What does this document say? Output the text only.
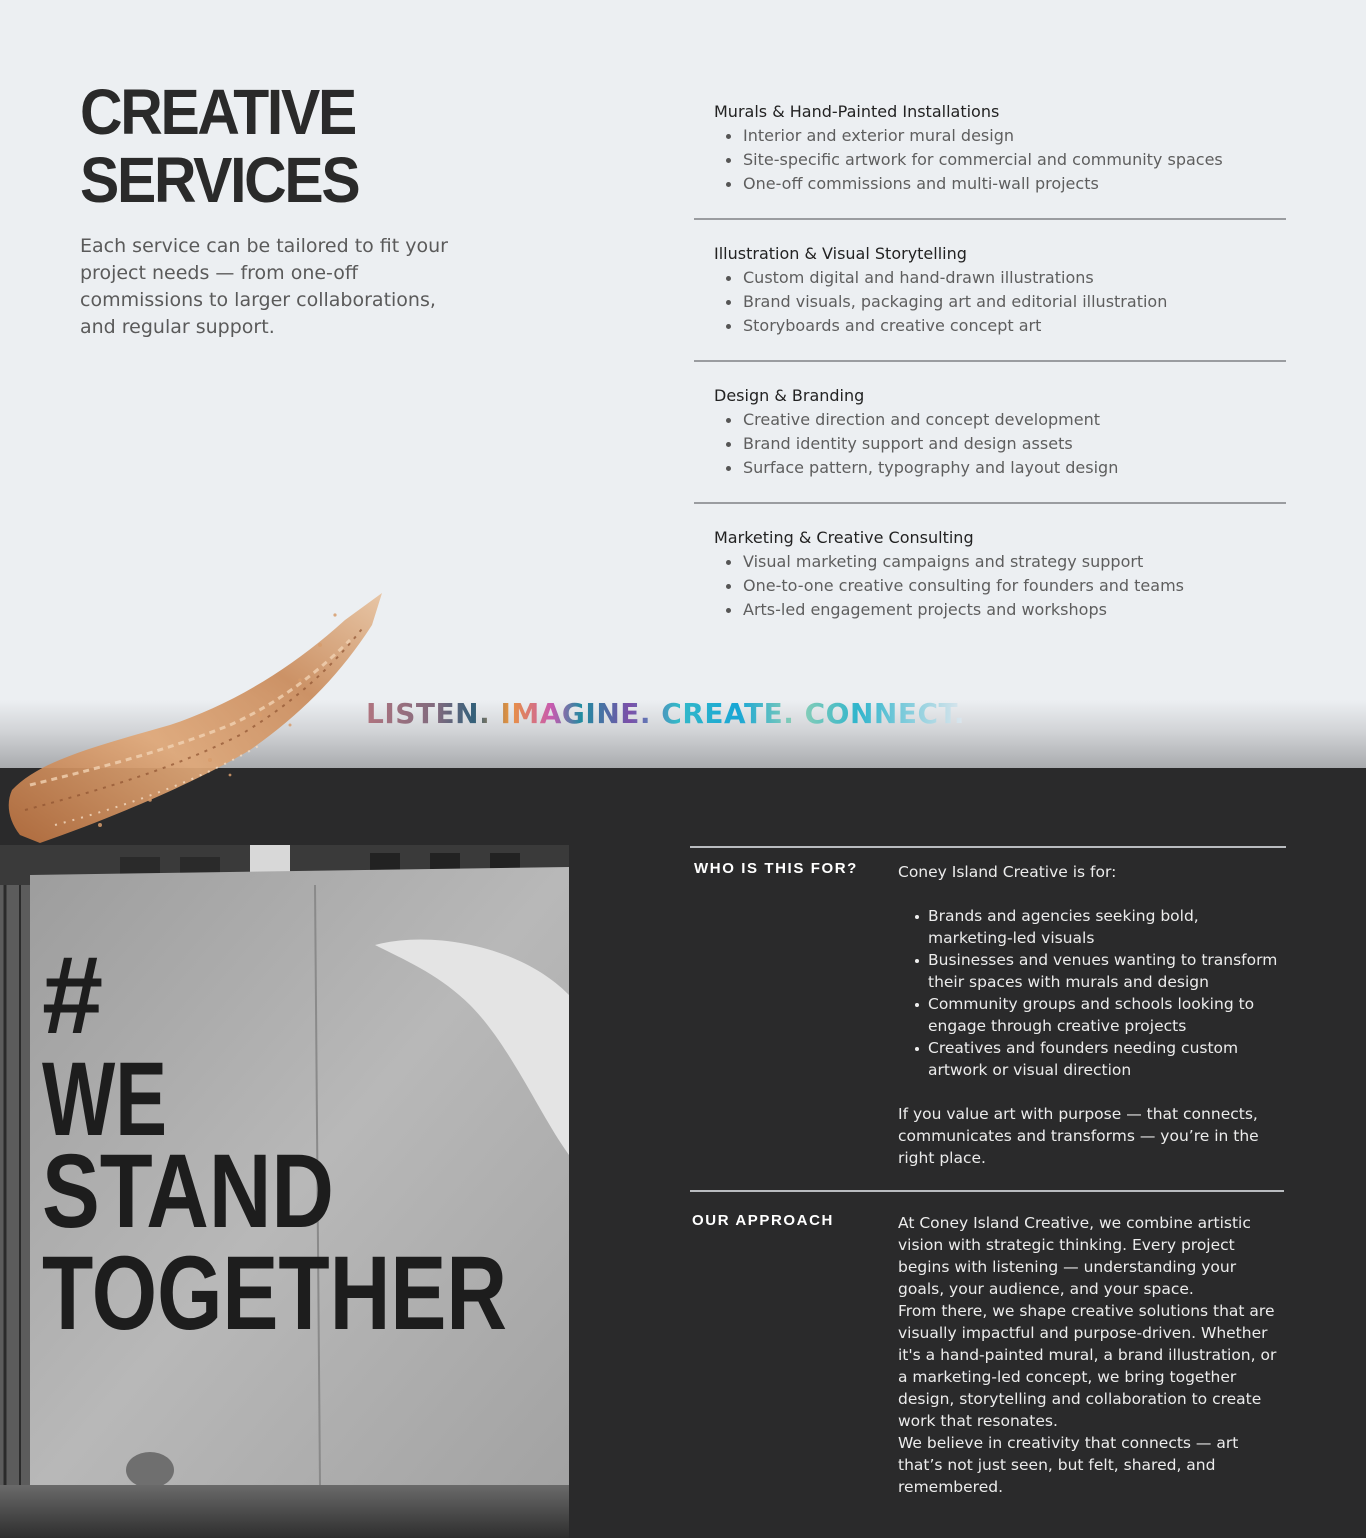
CREATIVE
SERVICES

Each service can be tailored to fit your project needs — from one-off commissions to larger collaborations, and regular support.

Murals & Hand-Painted Installations
Interior and exterior mural design
Site-specific artwork for commercial and community spaces
One-off commissions and multi-wall projects
Illustration & Visual Storytelling
Custom digital and hand-drawn illustrations
Brand visuals, packaging art and editorial illustration
Storyboards and creative concept art
Design & Branding
Creative direction and concept development
Brand identity support and design assets
Surface pattern, typography and layout design
Marketing & Creative Consulting
Visual marketing campaigns and strategy support
One-to-one creative consulting for founders and teams
Arts-led engagement projects and workshops
LISTEN. IMAGINE. CREATE. CONNECT.
#
WE
STAND
TOGETHER
WHO IS THIS FOR?	Coney Island Creative is for:

Brands and agencies seeking bold, marketing-led visuals
Businesses and venues wanting to transform their spaces with murals and design
Community groups and schools looking to engage through creative projects
Creatives and founders needing custom artwork or visual direction

If you value art with purpose — that connects, communicates and transforms — you’re in the right place.

OUR APPROACH	At Coney Island Creative, we combine artistic vision with strategic thinking. Every project begins with listening — understanding your goals, your audience, and your space.

From there, we shape creative solutions that are visually impactful and purpose-driven. Whether it's a hand-painted mural, a brand illustration, or a marketing-led concept, we bring together design, storytelling and collaboration to create work that resonates.

We believe in creativity that connects — art that’s not just seen, but felt, shared, and remembered.
